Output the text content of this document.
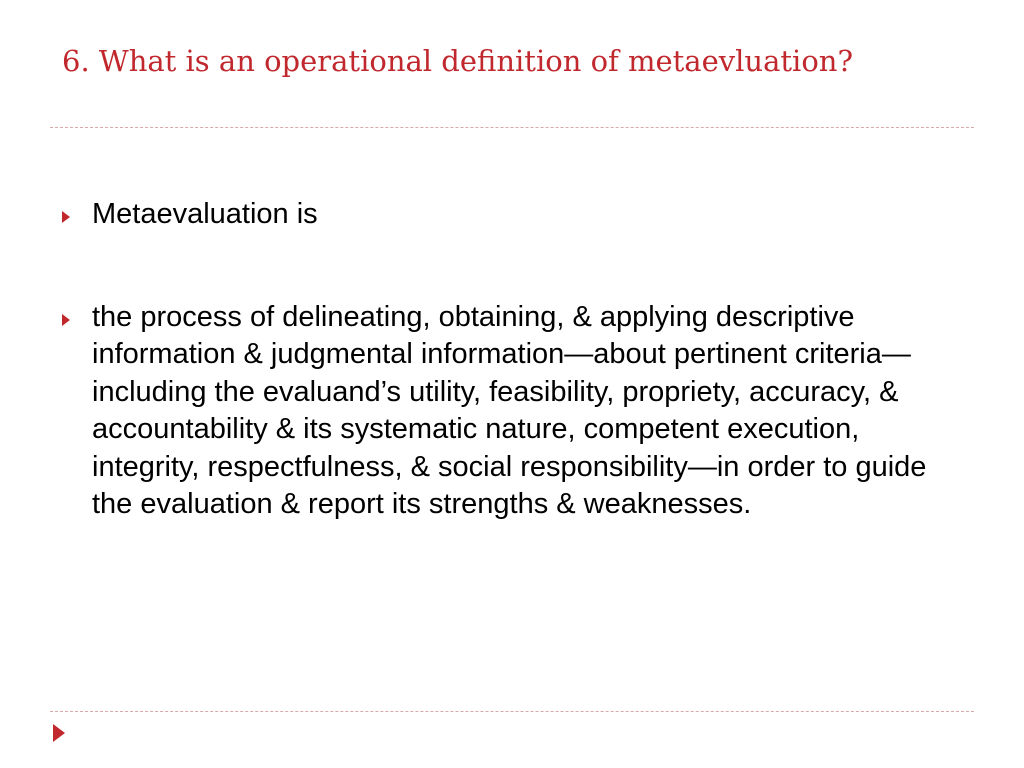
6. What is an operational definition of metaevluation?
Metaevaluation is
the process of delineating, obtaining, & applying descriptive information & judgmental information—about pertinent criteria—including the evaluand’s utility, feasibility, propriety, accuracy, & accountability & its systematic nature, competent execution, integrity, respectfulness, & social responsibility—in order to guide the evaluation & report its strengths & weaknesses.
